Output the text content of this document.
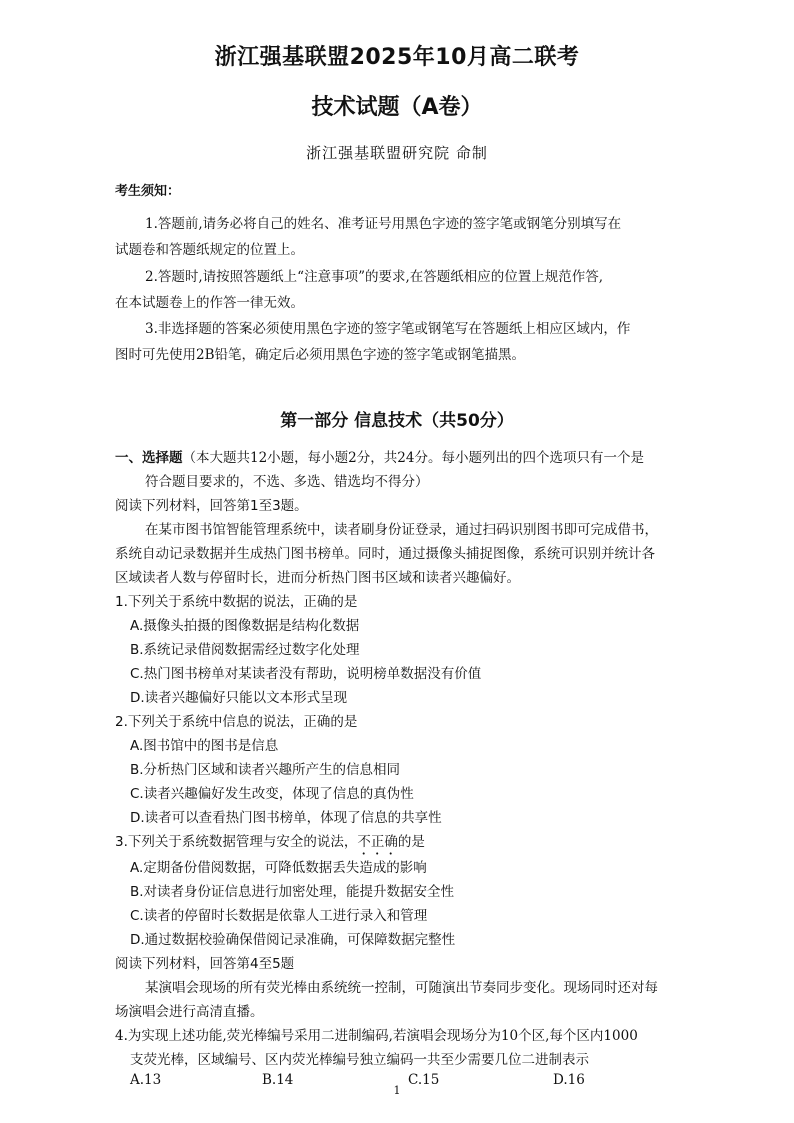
浙江强基联盟2025年10月高二联考
技术试题（A卷）
浙江强基联盟研究院 命制
考生须知：
1.答题前,请务必将自己的姓名、准考证号用黑色字迹的签字笔或钢笔分别填写在
试题卷和答题纸规定的位置上。
2.答题时,请按照答题纸上“注意事项”的要求,在答题纸相应的位置上规范作答,
在本试题卷上的作答一律无效。
3.非选择题的答案必须使用黑色字迹的签字笔或钢笔写在答题纸上相应区域内，作
图时可先使用2B铅笔，确定后必须用黑色字迹的签字笔或钢笔描黑。
第一部分 信息技术（共50分）
一、选择题（本大题共12小题，每小题2分，共24分。每小题列出的四个选项只有一个是
符合题目要求的，不选、多选、错选均不得分）
阅读下列材料，回答第1至3题。
在某市图书馆智能管理系统中，读者刷身份证登录，通过扫码识别图书即可完成借书，
系统自动记录数据并生成热门图书榜单。同时，通过摄像头捕捉图像，系统可识别并统计各
区域读者人数与停留时长，进而分析热门图书区域和读者兴趣偏好。
1.下列关于系统中数据的说法，正确的是
A.摄像头拍摄的图像数据是结构化数据
B.系统记录借阅数据需经过数字化处理
C.热门图书榜单对某读者没有帮助，说明榜单数据没有价值
D.读者兴趣偏好只能以文本形式呈现
2.下列关于系统中信息的说法，正确的是
A.图书馆中的图书是信息
B.分析热门区域和读者兴趣所产生的信息相同
C.读者兴趣偏好发生改变，体现了信息的真伪性
D.读者可以查看热门图书榜单，体现了信息的共享性
3.下列关于系统数据管理与安全的说法，不正确的是
A.定期备份借阅数据，可降低数据丢失造成的影响
B.对读者身份证信息进行加密处理，能提升数据安全性
C.读者的停留时长数据是依靠人工进行录入和管理
D.通过数据校验确保借阅记录准确，可保障数据完整性
阅读下列材料，回答第4至5题
某演唱会现场的所有荧光棒由系统统一控制，可随演出节奏同步变化。现场同时还对每
场演唱会进行高清直播。
4.为实现上述功能,荧光棒编号采用二进制编码,若演唱会现场分为10个区,每个区内1000
支荧光棒，区域编号、区内荧光棒编号独立编码一共至少需要几位二进制表示
A.13	B.14	C.15	D.16
1
